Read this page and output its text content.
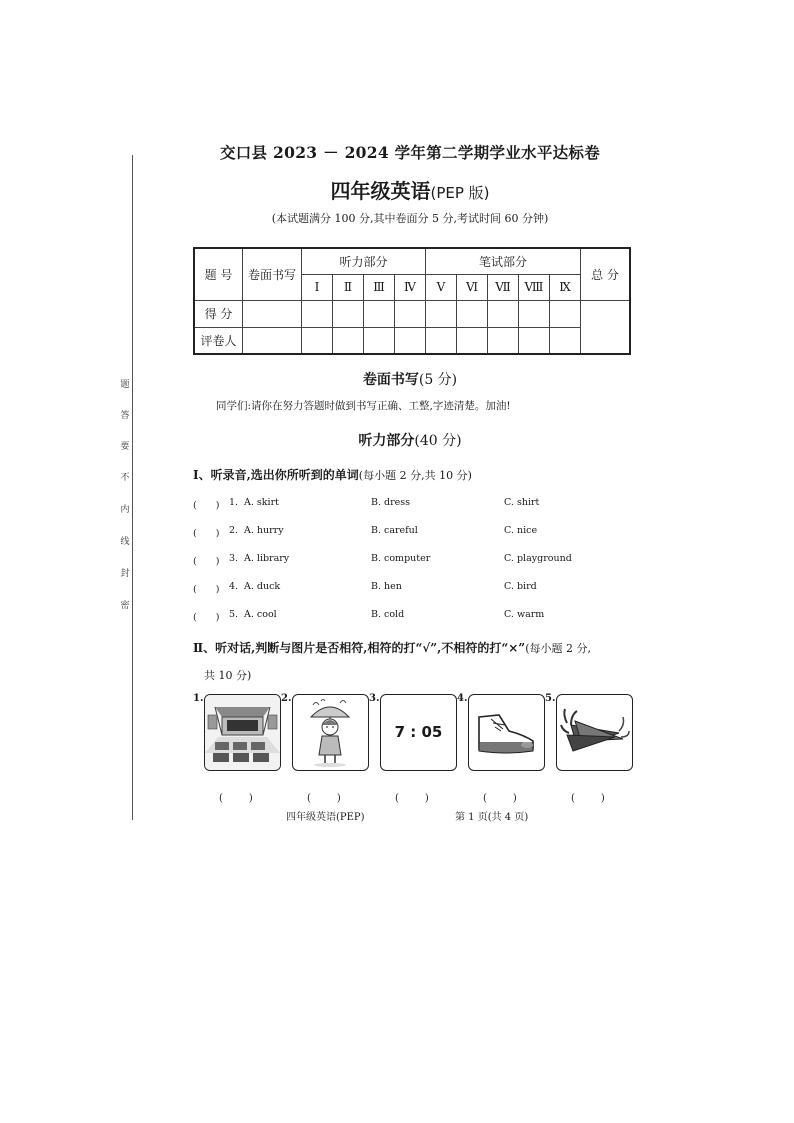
题
答
要
不
内
线
封
密
交口县 2023 － 2024 学年第二学期学业水平达标卷
四年级英语(PEP 版)
(本试题满分 100 分,其中卷面分 5 分,考试时间 60 分钟)
题 号	卷面书写	听力部分				笔试部分					总 分
		Ⅰ	Ⅱ	Ⅲ	Ⅳ	Ⅴ	Ⅵ	Ⅶ	Ⅷ	Ⅸ	
得 分											
评卷人											
卷面书写(5 分)
同学们:请你在努力答题时做到书写正确、工整,字迹清楚。加油!
听力部分(40 分)
Ⅰ、听录音,选出你所听到的单词(每小题 2 分,共 10 分)
(　　) 1. A. skirt	B. dress	C. shirt
(　　) 2. A. hurry	B. careful	C. nice
(　　) 3. A. library	B. computer	C. playground
(　　) 4. A. duck	B. hen	C. bird
(　　) 5. A. cool	B. cold	C. warm
Ⅱ、听对话,判断与图片是否相符,相符的打“√”,不相符的打“×”(每小题 2 分,
共 10 分)
1.	2.	3.
7 : 05
4.	5.
(　　)	(　　)	(　　)	(　　)	(　　)
四年级英语(PEP)	第 1 页(共 4 页)
